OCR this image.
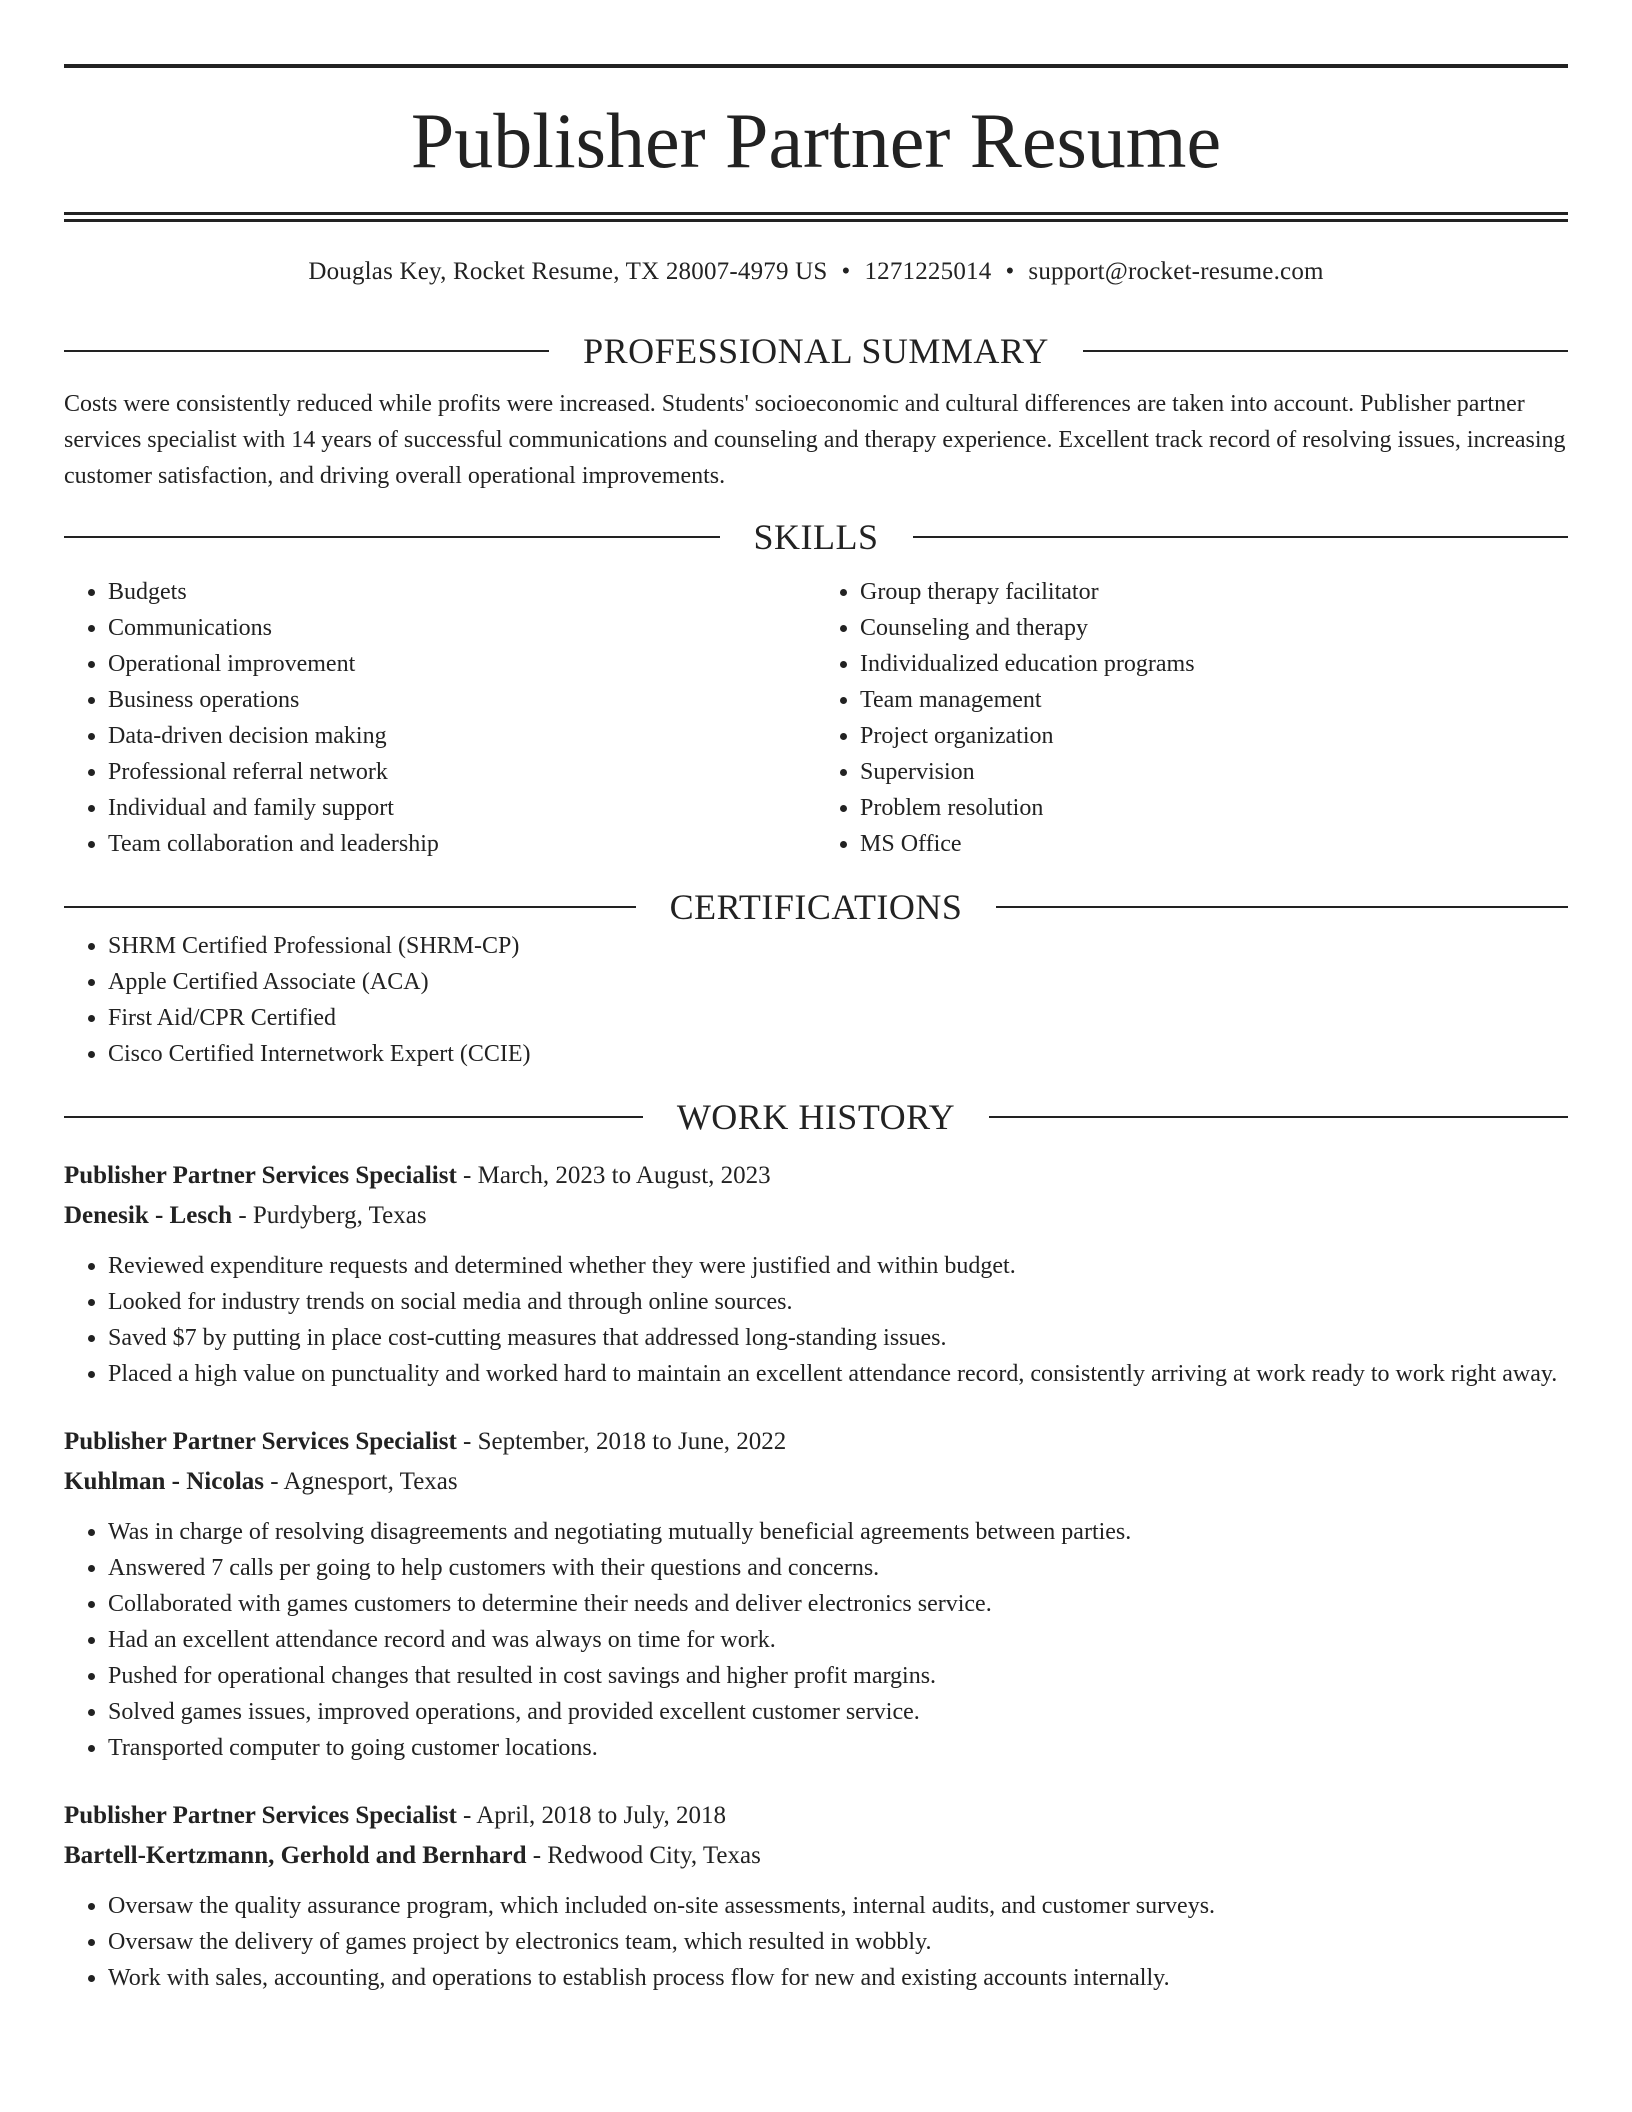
Publisher Partner Resume
Douglas Key, Rocket Resume, TX 28007-4979 US • 1271225014 • support@rocket-resume.com
PROFESSIONAL SUMMARY

Costs were consistently reduced while profits were increased. Students' socioeconomic and cultural differences are taken into account. Publisher partner services specialist with 14 years of successful communications and counseling and therapy experience. Excellent track record of resolving issues, increasing customer satisfaction, and driving overall operational improvements.

SKILLS
• Budgets
• Communications
• Operational improvement
• Business operations
• Data-driven decision making
• Professional referral network
• Individual and family support
• Team collaboration and leadership
• Group therapy facilitator
• Counseling and therapy
• Individualized education programs
• Team management
• Project organization
• Supervision
• Problem resolution
• MS Office
CERTIFICATIONS
• SHRM Certified Professional (SHRM-CP)
• Apple Certified Associate (ACA)
• First Aid/CPR Certified
• Cisco Certified Internetwork Expert (CCIE)
WORK HISTORY
Publisher Partner Services Specialist - March, 2023 to August, 2023
Denesik - Lesch - Purdyberg, Texas
• Reviewed expenditure requests and determined whether they were justified and within budget.
• Looked for industry trends on social media and through online sources.
• Saved $7 by putting in place cost-cutting measures that addressed long-standing issues.
• Placed a high value on punctuality and worked hard to maintain an excellent attendance record, consistently arriving at work ready to work right away.
Publisher Partner Services Specialist - September, 2018 to June, 2022
Kuhlman - Nicolas - Agnesport, Texas
• Was in charge of resolving disagreements and negotiating mutually beneficial agreements between parties.
• Answered 7 calls per going to help customers with their questions and concerns.
• Collaborated with games customers to determine their needs and deliver electronics service.
• Had an excellent attendance record and was always on time for work.
• Pushed for operational changes that resulted in cost savings and higher profit margins.
• Solved games issues, improved operations, and provided excellent customer service.
• Transported computer to going customer locations.
Publisher Partner Services Specialist - April, 2018 to July, 2018
Bartell-Kertzmann, Gerhold and Bernhard - Redwood City, Texas
• Oversaw the quality assurance program, which included on-site assessments, internal audits, and customer surveys.
• Oversaw the delivery of games project by electronics team, which resulted in wobbly.
• Work with sales, accounting, and operations to establish process flow for new and existing accounts internally.
